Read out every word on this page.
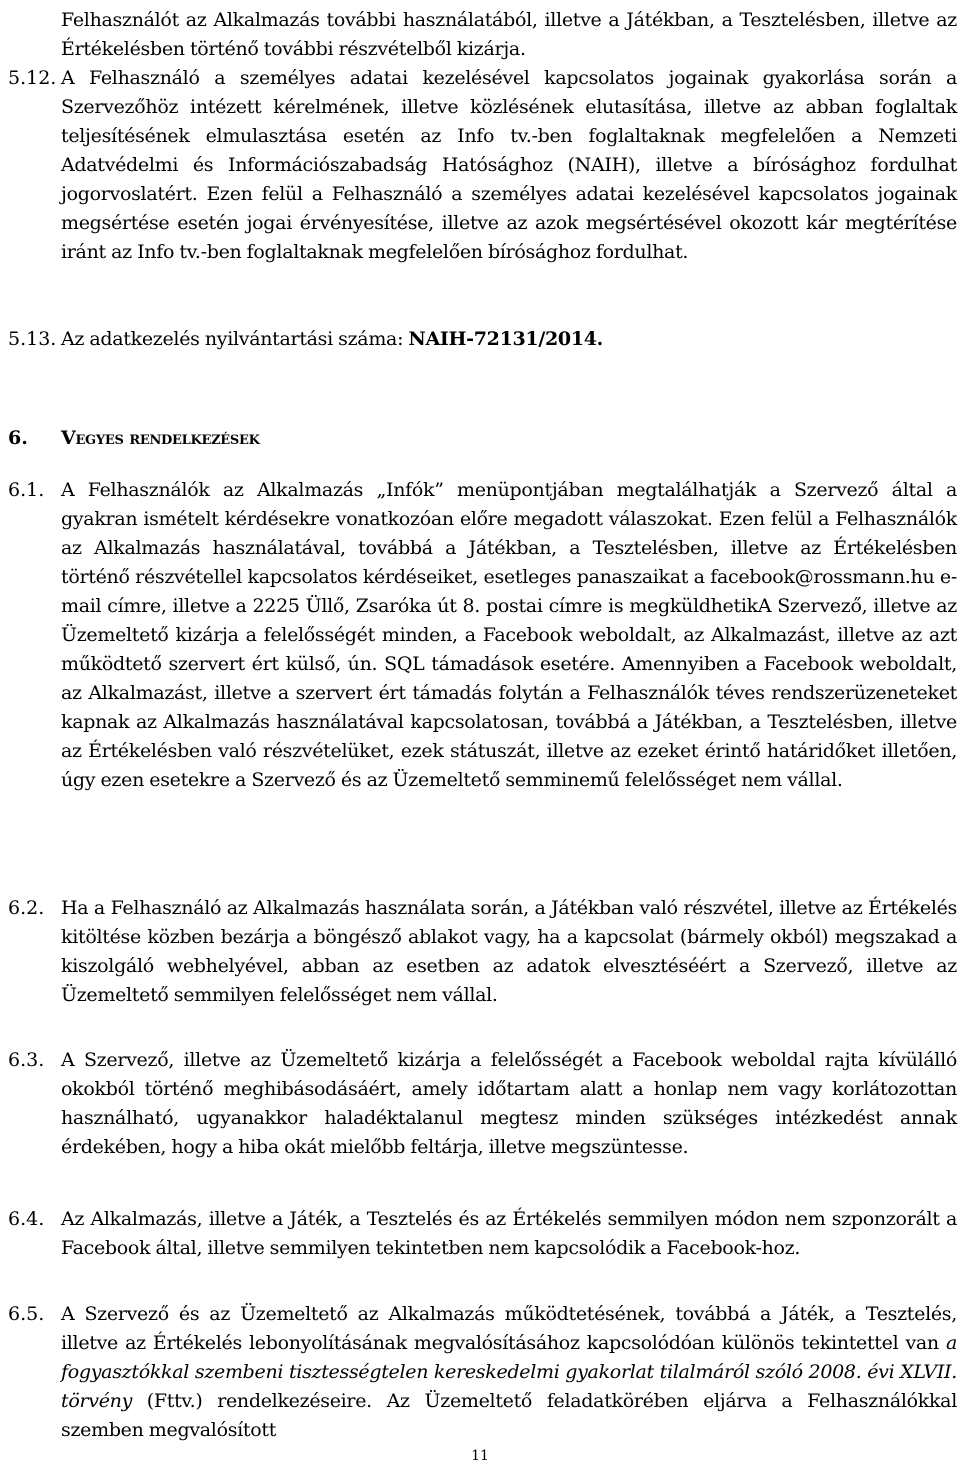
Felhasználót az Alkalmazás további használatából, illetve a Játékban, a Tesztelésben, illetve az Értékelésben történő további részvételből kizárja.
5.12. A Felhasználó a személyes adatai kezelésével kapcsolatos jogainak gyakorlása során a Szervezőhöz intézett kérelmének, illetve közlésének elutasítása, illetve az abban foglaltak teljesítésének elmulasztása esetén az Info tv.-ben foglaltaknak megfelelően a Nemzeti Adatvédelmi és Információszabadság Hatósághoz (NAIH), illetve a bírósághoz fordulhat jogorvoslatért. Ezen felül a Felhasználó a személyes adatai kezelésével kapcsolatos jogainak megsértése esetén jogai érvényesítése, illetve az azok megsértésével okozott kár megtérítése iránt az Info tv.-ben foglaltaknak megfelelően bírósághoz fordulhat.
5.13. Az adatkezelés nyilvántartási száma: NAIH-72131/2014.
6. Vegyes rendelkezések
6.1. A Felhasználók az Alkalmazás „Infók” menüpontjában megtalálhatják a Szervező által a gyakran ismételt kérdésekre vonatkozóan előre megadott válaszokat. Ezen felül a Felhasználók az Alkalmazás használatával, továbbá a Játékban, a Tesztelésben, illetve az Értékelésben történő részvétellel kapcsolatos kérdéseiket, esetleges panaszaikat a facebook@rossmann.hu e-mail címre, illetve a 2225 Üllő, Zsaróka út 8. postai címre is megküldhetikA Szervező, illetve az Üzemeltető kizárja a felelősségét minden, a Facebook weboldalt, az Alkalmazást, illetve az azt működtető szervert ért külső, ún. SQL támadások esetére. Amennyiben a Facebook weboldalt, az Alkalmazást, illetve a szervert ért támadás folytán a Felhasználók téves rendszerüzeneteket kapnak az Alkalmazás használatával kapcsolatosan, továbbá a Játékban, a Tesztelésben, illetve az Értékelésben való részvételüket, ezek státuszát, illetve az ezeket érintő határidőket illetően, úgy ezen esetekre a Szervező és az Üzemeltető semminemű felelősséget nem vállal.
6.2. Ha a Felhasználó az Alkalmazás használata során, a Játékban való részvétel, illetve az Értékelés kitöltése közben bezárja a böngésző ablakot vagy, ha a kapcsolat (bármely okból) megszakad a kiszolgáló webhelyével, abban az esetben az adatok elvesztéséért a Szervező, illetve az Üzemeltető semmilyen felelősséget nem vállal.
6.3. A Szervező, illetve az Üzemeltető kizárja a felelősségét a Facebook weboldal rajta kívülálló okokból történő meghibásodásáért, amely időtartam alatt a honlap nem vagy korlátozottan használható, ugyanakkor haladéktalanul megtesz minden szükséges intézkedést annak érdekében, hogy a hiba okát mielőbb feltárja, illetve megszüntesse.
6.4. Az Alkalmazás, illetve a Játék, a Tesztelés és az Értékelés semmilyen módon nem szponzorált a Facebook által, illetve semmilyen tekintetben nem kapcsolódik a Facebook-hoz.
6.5. A Szervező és az Üzemeltető az Alkalmazás működtetésének, továbbá a Játék, a Tesztelés, illetve az Értékelés lebonyolításának megvalósításához kapcsolódóan különös tekintettel van a fogyasztókkal szembeni tisztességtelen kereskedelmi gyakorlat tilalmáról szóló 2008. évi XLVII. törvény (Fttv.) rendelkezéseire. Az Üzemeltető feladatkörében eljárva a Felhasználókkal szemben megvalósított
11
